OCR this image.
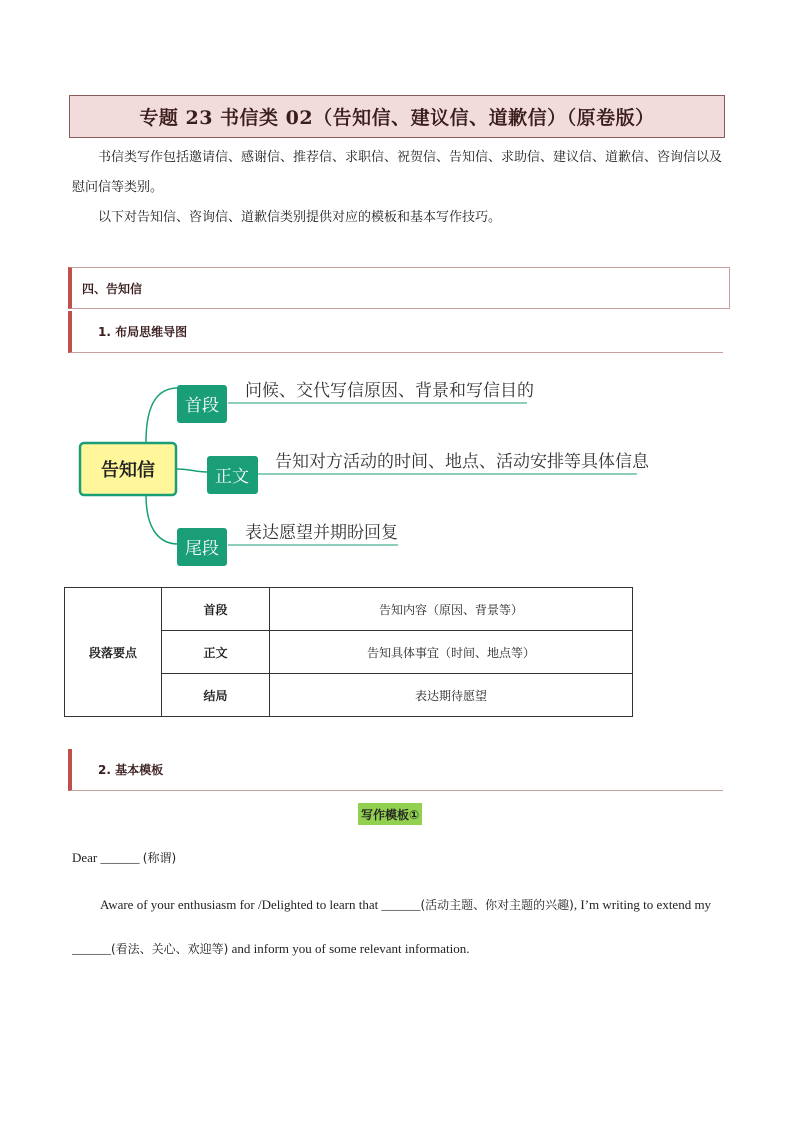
专题 23 书信类 02（告知信、建议信、道歉信）（原卷版）
书信类写作包括邀请信、感谢信、推荐信、求职信、祝贺信、告知信、求助信、建议信、道歉信、咨询信以及慰问信等类别。
以下对告知信、咨询信、道歉信类别提供对应的模板和基本写作技巧。
四、告知信
1. 布局思维导图
告知信
首段
正文
尾段
问候、交代写信原因、背景和写信目的
告知对方活动的时间、地点、活动安排等具体信息
表达愿望并期盼回复
段落要点	首段	告知内容（原因、背景等）
	正文	告知具体事宜（时间、地点等）
	结局	表达期待愿望
2. 基本模板
写作模板①
Dear ______ (称谓)
Aware of your enthusiasm for /Delighted to learn that ______(活动主题、你对主题的兴趣), I’m writing to extend my ______(看法、关心、欢迎等) and inform you of some relevant information.
